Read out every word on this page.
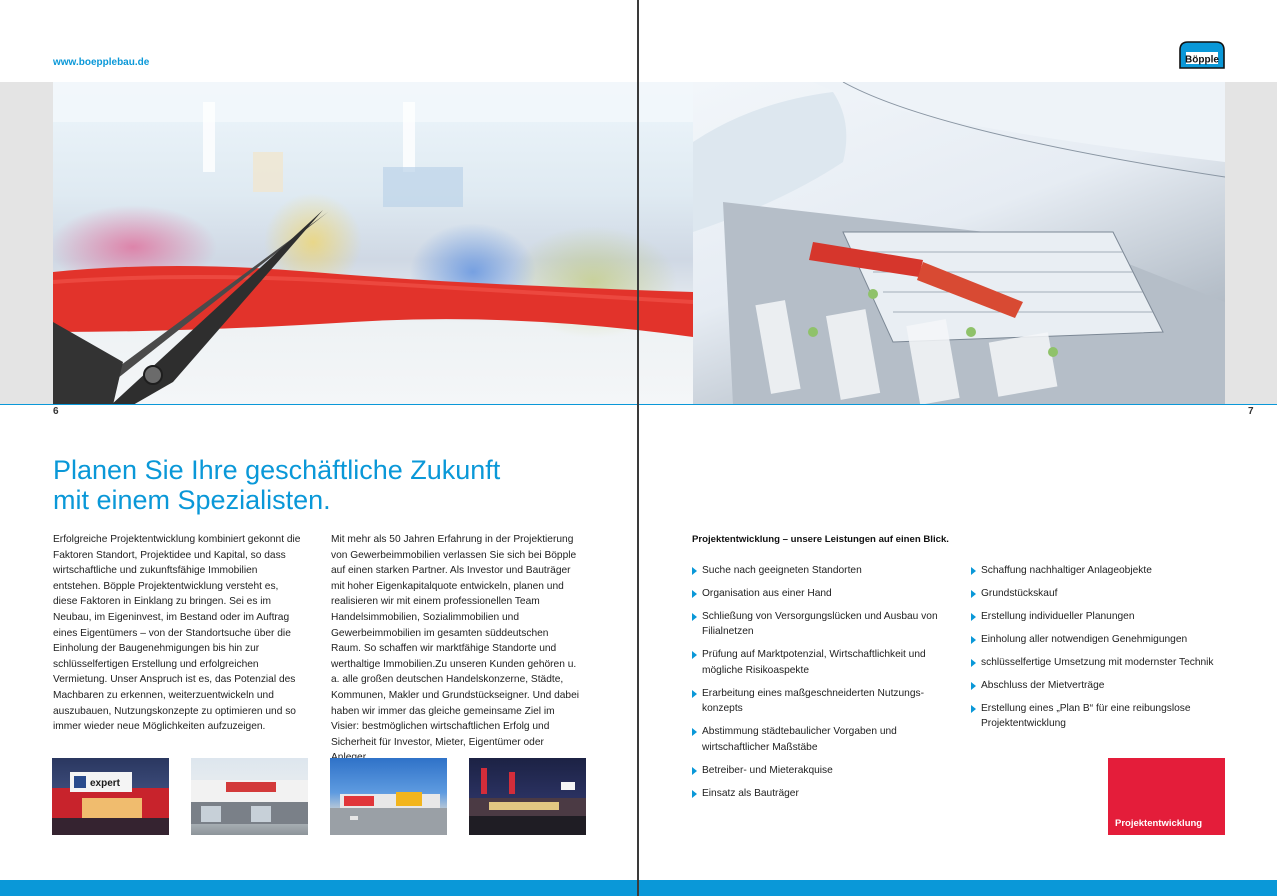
www.boepplebau.de	Böpple
6	7
Planen Sie Ihre geschäftliche Zukunft
mit einem Spezialisten.

Erfolgreiche Projektentwicklung kombiniert gekonnt die Faktoren Standort, Projektidee und Kapital, so dass wirtschaftliche und zukunftsfähige Immobilien entstehen. Böpple Projektentwicklung versteht es, diese Faktoren in Einklang zu bringen. Sei es im Neubau, im Eigeninvest, im Bestand oder im Auftrag eines Eigentümers – von der Standortsuche über die Einholung der Baugenehmigungen bis hin zur schlüsselfertigen Erstellung und erfolgreichen Vermietung. Unser Anspruch ist es, das Potenzial des Machbaren zu erkennen, weiterzuentwickeln und auszubauen, Nutzungskonzepte zu optimieren und so immer wieder neue Möglichkeiten aufzuzeigen.

Mit mehr als 50 Jahren Erfahrung in der Projektierung von Gewerbeimmobilien verlassen Sie sich bei Böpple auf einen starken Partner. Als Investor und Bauträger mit hoher Eigenkapitalquote entwickeln, planen und realisieren wir mit einem professionellen Team Handelsimmobilien, Sozialimmobilien und Gewerbeimmobilien im gesamten süddeutschen Raum. So schaffen wir marktfähige Standorte und werthaltige Immobilien.Zu unseren Kunden gehören u. a. alle großen deutschen Handelskonzerne, Städte, Kommunen, Makler und Grundstückseigner. Und dabei haben wir immer das gleiche gemeinsame Ziel im Visier: bestmöglichen wirtschaftlichen Erfolg und Sicherheit für Investor, Mieter, Eigentümer oder

expert
Projektentwicklung – unsere Leistungen auf einen Blick.
Suche nach geeigneten Standorten
Organisation aus einer Hand
Schließung von Versorgungslücken und Ausbau von Filialnetzen
Prüfung auf Marktpotenzial, Wirtschaftlichkeit und mögliche Risikoaspekte
Erarbeitung eines maßgeschneiderten Nutzungskonzepts
Abstimmung städtebaulicher Vorgaben und wirtschaftlicher Maßstäbe
Betreiber- und Mieterakquise
Einsatz als Bauträger
Schaffung nachhaltiger Anlageobjekte
Grundstückskauf
Erstellung individueller Planungen
Einholung aller notwendigen Genehmigungen
schlüsselfertige Umsetzung mit modernster Technik
Abschluss der Mietverträge
Erstellung eines „Plan B“ für eine reibungslose Projektentwicklung
Projektentwicklung
